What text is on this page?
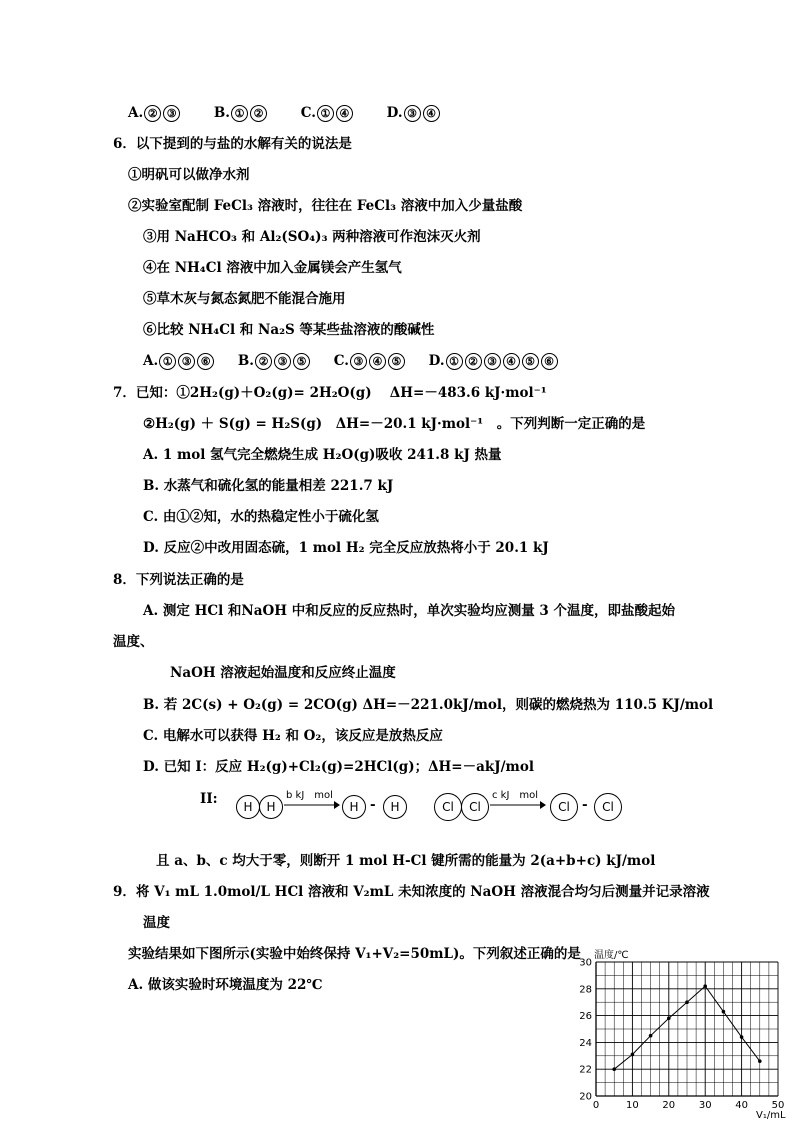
A. ② ③	B. ① ②	C. ① ④	D. ③ ④
6．以下提到的与盐的水解有关的说法是
①明矾可以做净水剂
②实验室配制 FeCl₃ 溶液时，往往在 FeCl₃ 溶液中加入少量盐酸
③用 NaHCO₃ 和 Al₂(SO₄)₃ 两种溶液可作泡沫灭火剂
④在 NH₄Cl 溶液中加入金属镁会产生氢气
⑤草木灰与氮态氮肥不能混合施用
⑥比较 NH₄Cl 和 Na₂S 等某些盐溶液的酸碱性
A. ① ③ ⑥ B. ② ③ ⑤ C. ③ ④ ⑤ D. ① ② ③ ④ ⑤ ⑥
7．已知：①2H₂(g)＋O₂(g)= 2H₂O(g)　 ΔH=－483.6 kJ·mol⁻¹
②H₂(g) ＋ S(g) = H₂S(g)　ΔH=－20.1 kJ·mol⁻¹　。下列判断一定正确的是
A. 1 mol 氢气完全燃烧生成 H₂O(g)吸收 241.8 kJ 热量
B. 水蒸气和硫化氢的能量相差 221.7 kJ
C. 由①②知，水的热稳定性小于硫化氢
D. 反应②中改用固态硫，1 mol H₂ 完全反应放热将小于 20.1 kJ
8．下列说法正确的是
A. 测定 HCl 和NaOH 中和反应的反应热时，单次实验均应测量 3 个温度，即盐酸起始
温度、
NaOH 溶液起始温度和反应终止温度
B. 若 2C(s) + O₂(g) = 2CO(g) ΔH=－221.0kJ/mol，则碳的燃烧热为 110.5 KJ/mol
C. 电解水可以获得 H₂ 和 O₂，该反应是放热反应
D. 已知 I：反应 H₂(g)+Cl₂(g)=2HCl(g)；ΔH=－akJ/mol
II:	H	H
b kJ　mol
H -	H	Cl	Cl
c kJ　mol
Cl -	Cl
且 a、b、c 均大于零，则断开 1 mol H-Cl 键所需的能量为 2(a+b+c) kJ/mol
9．将 V₁ mL 1.0mol/L HCl 溶液和 V₂mL 未知浓度的 NaOH 溶液混合均匀后测量并记录溶液
温度
实验结果如下图所示(实验中始终保持 V₁+V₂=50mL)。下列叙述正确的是
A. 做该实验时环境温度为 22℃
0	10 20 30 40 50
20
22
24
26
28
30
温度/℃
V₁/mL
